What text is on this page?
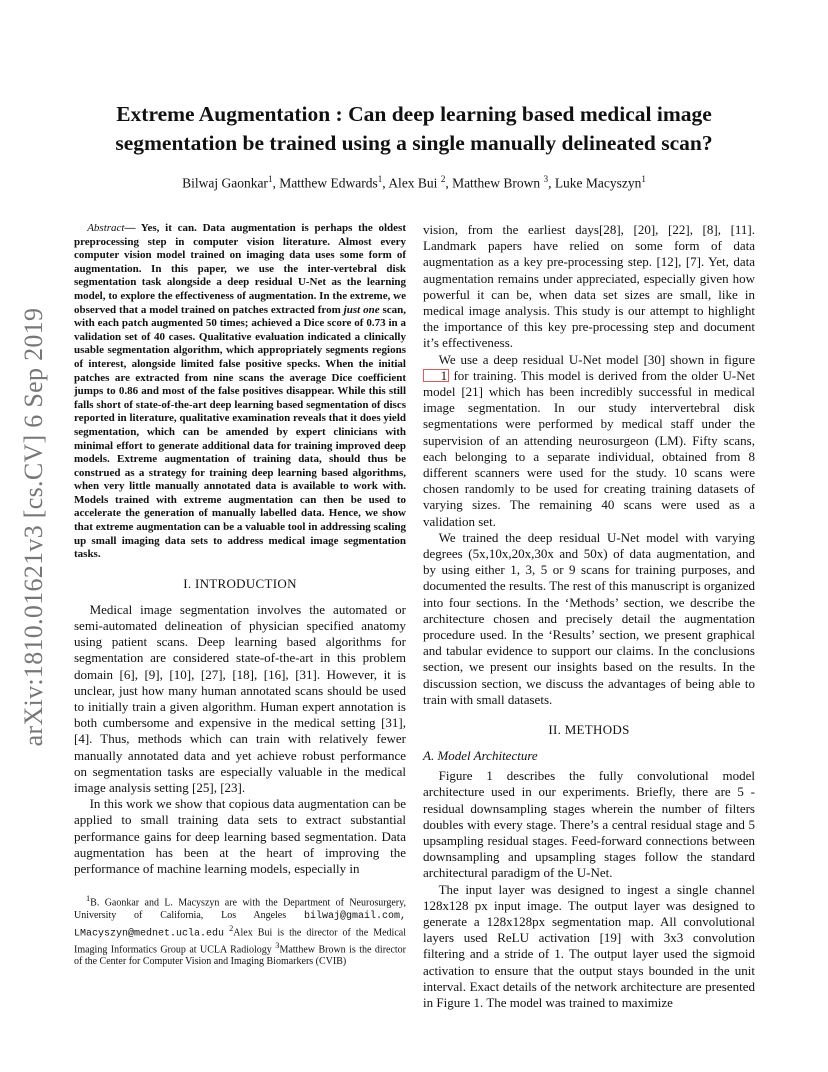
arXiv:1810.01621v3 [cs.CV] 6 Sep 2019
Extreme Augmentation : Can deep learning based medical image segmentation be trained using a single manually delineated scan?
Bilwaj Gaonkar$^1$, Matthew Edwards$^1$, Alex Bui $^2$, Matthew Brown $^3$, Luke Macyszyn$^1$

Abstract— Yes, it can. Data augmentation is perhaps the oldest preprocessing step in computer vision literature. Almost every computer vision model trained on imaging data uses some form of augmentation. In this paper, we use the inter-vertebral disk segmentation task alongside a deep residual U-Net as the learning model, to explore the effectiveness of augmentation. In the extreme, we observed that a model trained on patches extracted from just one scan, with each patch augmented 50 times; achieved a Dice score of 0.73 in a validation set of 40 cases. Qualitative evaluation indicated a clinically usable segmentation algorithm, which appropriately segments regions of interest, alongside limited false positive specks. When the initial patches are extracted from nine scans the average Dice coefficient jumps to 0.86 and most of the false positives disappear. While this still falls short of state-of-the-art deep learning based segmentation of discs reported in literature, qualitative examination reveals that it does yield segmentation, which can be amended by expert clinicians with minimal effort to generate additional data for training improved deep models. Extreme augmentation of training data, should thus be construed as a strategy for training deep learning based algorithms, when very little manually annotated data is available to work with. Models trained with extreme augmentation can then be used to accelerate the generation of manually labelled data. Hence, we show that extreme augmentation can be a valuable tool in addressing scaling up small imaging data sets to address medical image segmentation tasks.

I. INTRODUCTION

Medical image segmentation involves the automated or semi-automated delineation of physician specified anatomy using patient scans. Deep learning based algorithms for segmentation are considered state-of-the-art in this problem domain [6], [9], [10], [27], [18], [16], [31]. However, it is unclear, just how many human annotated scans should be used to initially train a given algorithm. Human expert annotation is both cumbersome and expensive in the medical setting [31], [4]. Thus, methods which can train with relatively fewer manually annotated data and yet achieve robust performance on segmentation tasks are especially valuable in the medical image analysis setting [25], [23].

In this work we show that copious data augmentation can be applied to small training data sets to extract substantial performance gains for deep learning based segmentation. Data augmentation has been at the heart of improving the performance of machine learning models, especially in

$^1$B. Gaonkar and L. Macyszyn are with the Department of Neurosurgery, University of California, Los Angeles bilwaj@gmail.com, LMacyszyn@mednet.ucla.edu $^2$Alex Bui is the director of the Medical Imaging Informatics Group at UCLA Radiology $^3$Matthew Brown is the director of the Center for Computer Vision and Imaging Biomarkers (CVIB)

vision, from the earliest days[28], [20], [22], [8], [11]. Landmark papers have relied on some form of data augmentation as a key pre-processing step. [12], [7]. Yet, data augmentation remains under appreciated, especially given how powerful it can be, when data set sizes are small, like in medical image analysis. This study is our attempt to highlight the importance of this key pre-processing step and document it’s effectiveness.

We use a deep residual U-Net model [30] shown in figure 1 for training. This model is derived from the older U-Net model [21] which has been incredibly successful in medical image segmentation. In our study intervertebral disk segmentations were performed by medical staff under the supervision of an attending neurosurgeon (LM). Fifty scans, each belonging to a separate individual, obtained from 8 different scanners were used for the study. 10 scans were chosen randomly to be used for creating training datasets of varying sizes. The remaining 40 scans were used as a validation set.

We trained the deep residual U-Net model with varying degrees (5x,10x,20x,30x and 50x) of data augmentation, and by using either 1, 3, 5 or 9 scans for training purposes, and documented the results. The rest of this manuscript is organized into four sections. In the ‘Methods’ section, we describe the architecture chosen and precisely detail the augmentation procedure used. In the ‘Results’ section, we present graphical and tabular evidence to support our claims. In the conclusions section, we present our insights based on the results. In the discussion section, we discuss the advantages of being able to train with small datasets.

II. METHODS
A. Model Architecture

Figure 1 describes the fully convolutional model architecture used in our experiments. Briefly, there are 5 -residual downsampling stages wherein the number of filters doubles with every stage. There’s a central residual stage and 5 upsampling residual stages. Feed-forward connections between downsampling and upsampling stages follow the standard architectural paradigm of the U-Net.

The input layer was designed to ingest a single channel 128x128 px input image. The output layer was designed to generate a 128x128px segmentation map. All convolutional layers used ReLU activation [19] with 3x3 convolution filtering and a stride of 1. The output layer used the sigmoid activation to ensure that the output stays bounded in the unit interval. Exact details of the network architecture are presented in Figure 1. The model was trained to maximize
